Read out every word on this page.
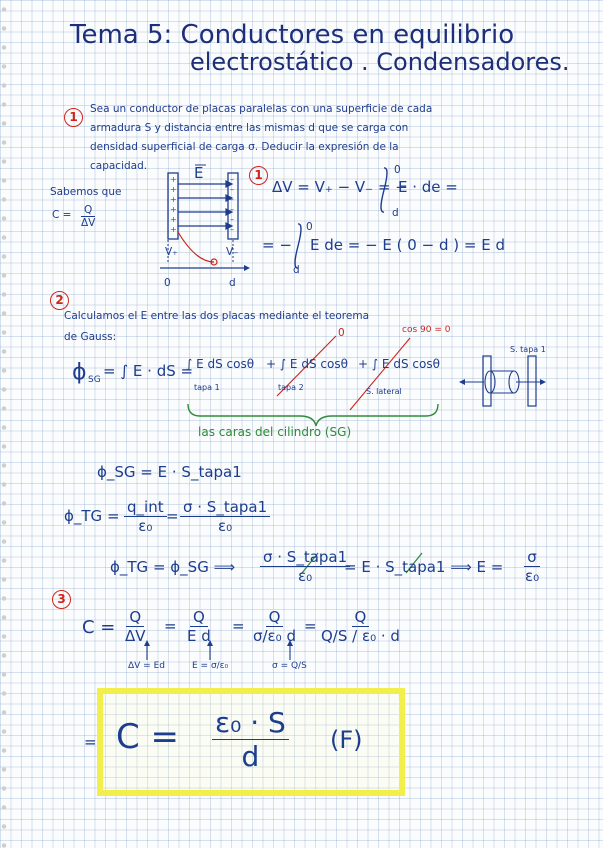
Tema 5: Conductores en equilibrio
electrostático . Condensadores.
1
Sea un conductor de placas paralelas con una superficie de cada
armadura S y distancia entre las mismas d que se carga con
densidad superficial de carga σ. Deducir la expresión de la
capacidad.
Sabemos que
$C = \frac{Q}{\Delta V}$
+
+
+
+
+
+
–
–
–
–
–
–
E
V₊	V₋
0	d
1
ΔV = V₊ − V₋ = −
0
d
E · de =
= −
0
d
E de = − E ( 0 − d ) = E d
2
Calculamos el E entre las dos placas mediante el teorema
de Gauss:
ϕ SG = ∫ E · dS =
∫ E dS cosθ
tapa 1
+ ∫ E dS cosθ
tapa 2
+ ∫ E dS cosθ
S. lateral
0	cos 90 = 0
S. tapa 1
las caras del cilindro (SG)
ϕ_SG = E · S_tapa1
ϕ_TG = q_int
ε₀
= σ · S_tapa1
ε₀
ϕ_TG = ϕ_SG ⟹
σ · S_tapa1
ε₀ = E · S_tapa1 ⟹ $E = \frac{\sigma}{\text{ε₀}}$
3
$C = \frac{Q}{\Delta V} = \frac{Q}{\text{E d}} = \frac{Q}{\text{σ/ε₀ d}} = \frac{Q}{\text{Q/S / ε₀ · d}}$
ΔV = Ed	E = σ/ε₀	σ = Q/S
= $C = \frac{\text{ε₀ · S}}{d} (F)$
